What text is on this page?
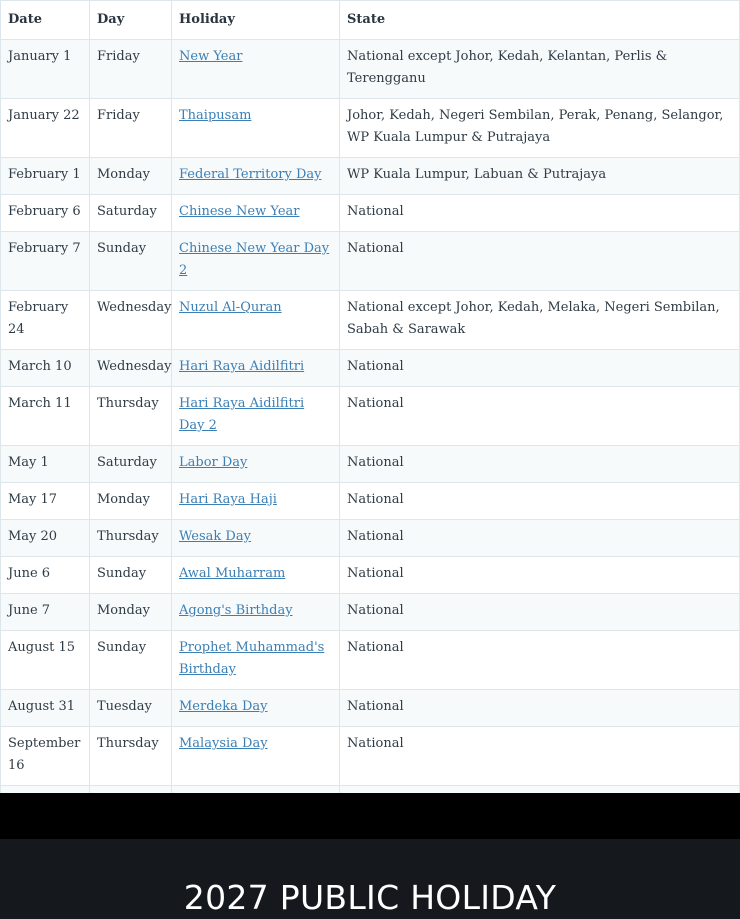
Date	Day	Holiday	State
January 1	Friday	New Year	National except Johor, Kedah, Kelantan, Perlis & Terengganu
January 22	Friday	Thaipusam	Johor, Kedah, Negeri Sembilan, Perak, Penang, Selangor, WP Kuala Lumpur & Putrajaya
February 1	Monday	Federal Territory Day	WP Kuala Lumpur, Labuan & Putrajaya
February 6	Saturday	Chinese New Year	National
February 7	Sunday	Chinese New Year Day 2	National
February 24	Wednesday	Nuzul Al-Quran	National except Johor, Kedah, Melaka, Negeri Sembilan, Sabah & Sarawak
March 10	Wednesday	Hari Raya Aidilfitri	National
March 11	Thursday	Hari Raya Aidilfitri Day 2	National
May 1	Saturday	Labor Day	National
May 17	Monday	Hari Raya Haji	National
May 20	Thursday	Wesak Day	National
June 6	Sunday	Awal Muharram	National
June 7	Monday	Agong's Birthday	National
August 15	Sunday	Prophet Muhammad's Birthday	National
August 31	Tuesday	Merdeka Day	National
September 16	Thursday	Malaysia Day	National

2027 PUBLIC HOLIDAY
